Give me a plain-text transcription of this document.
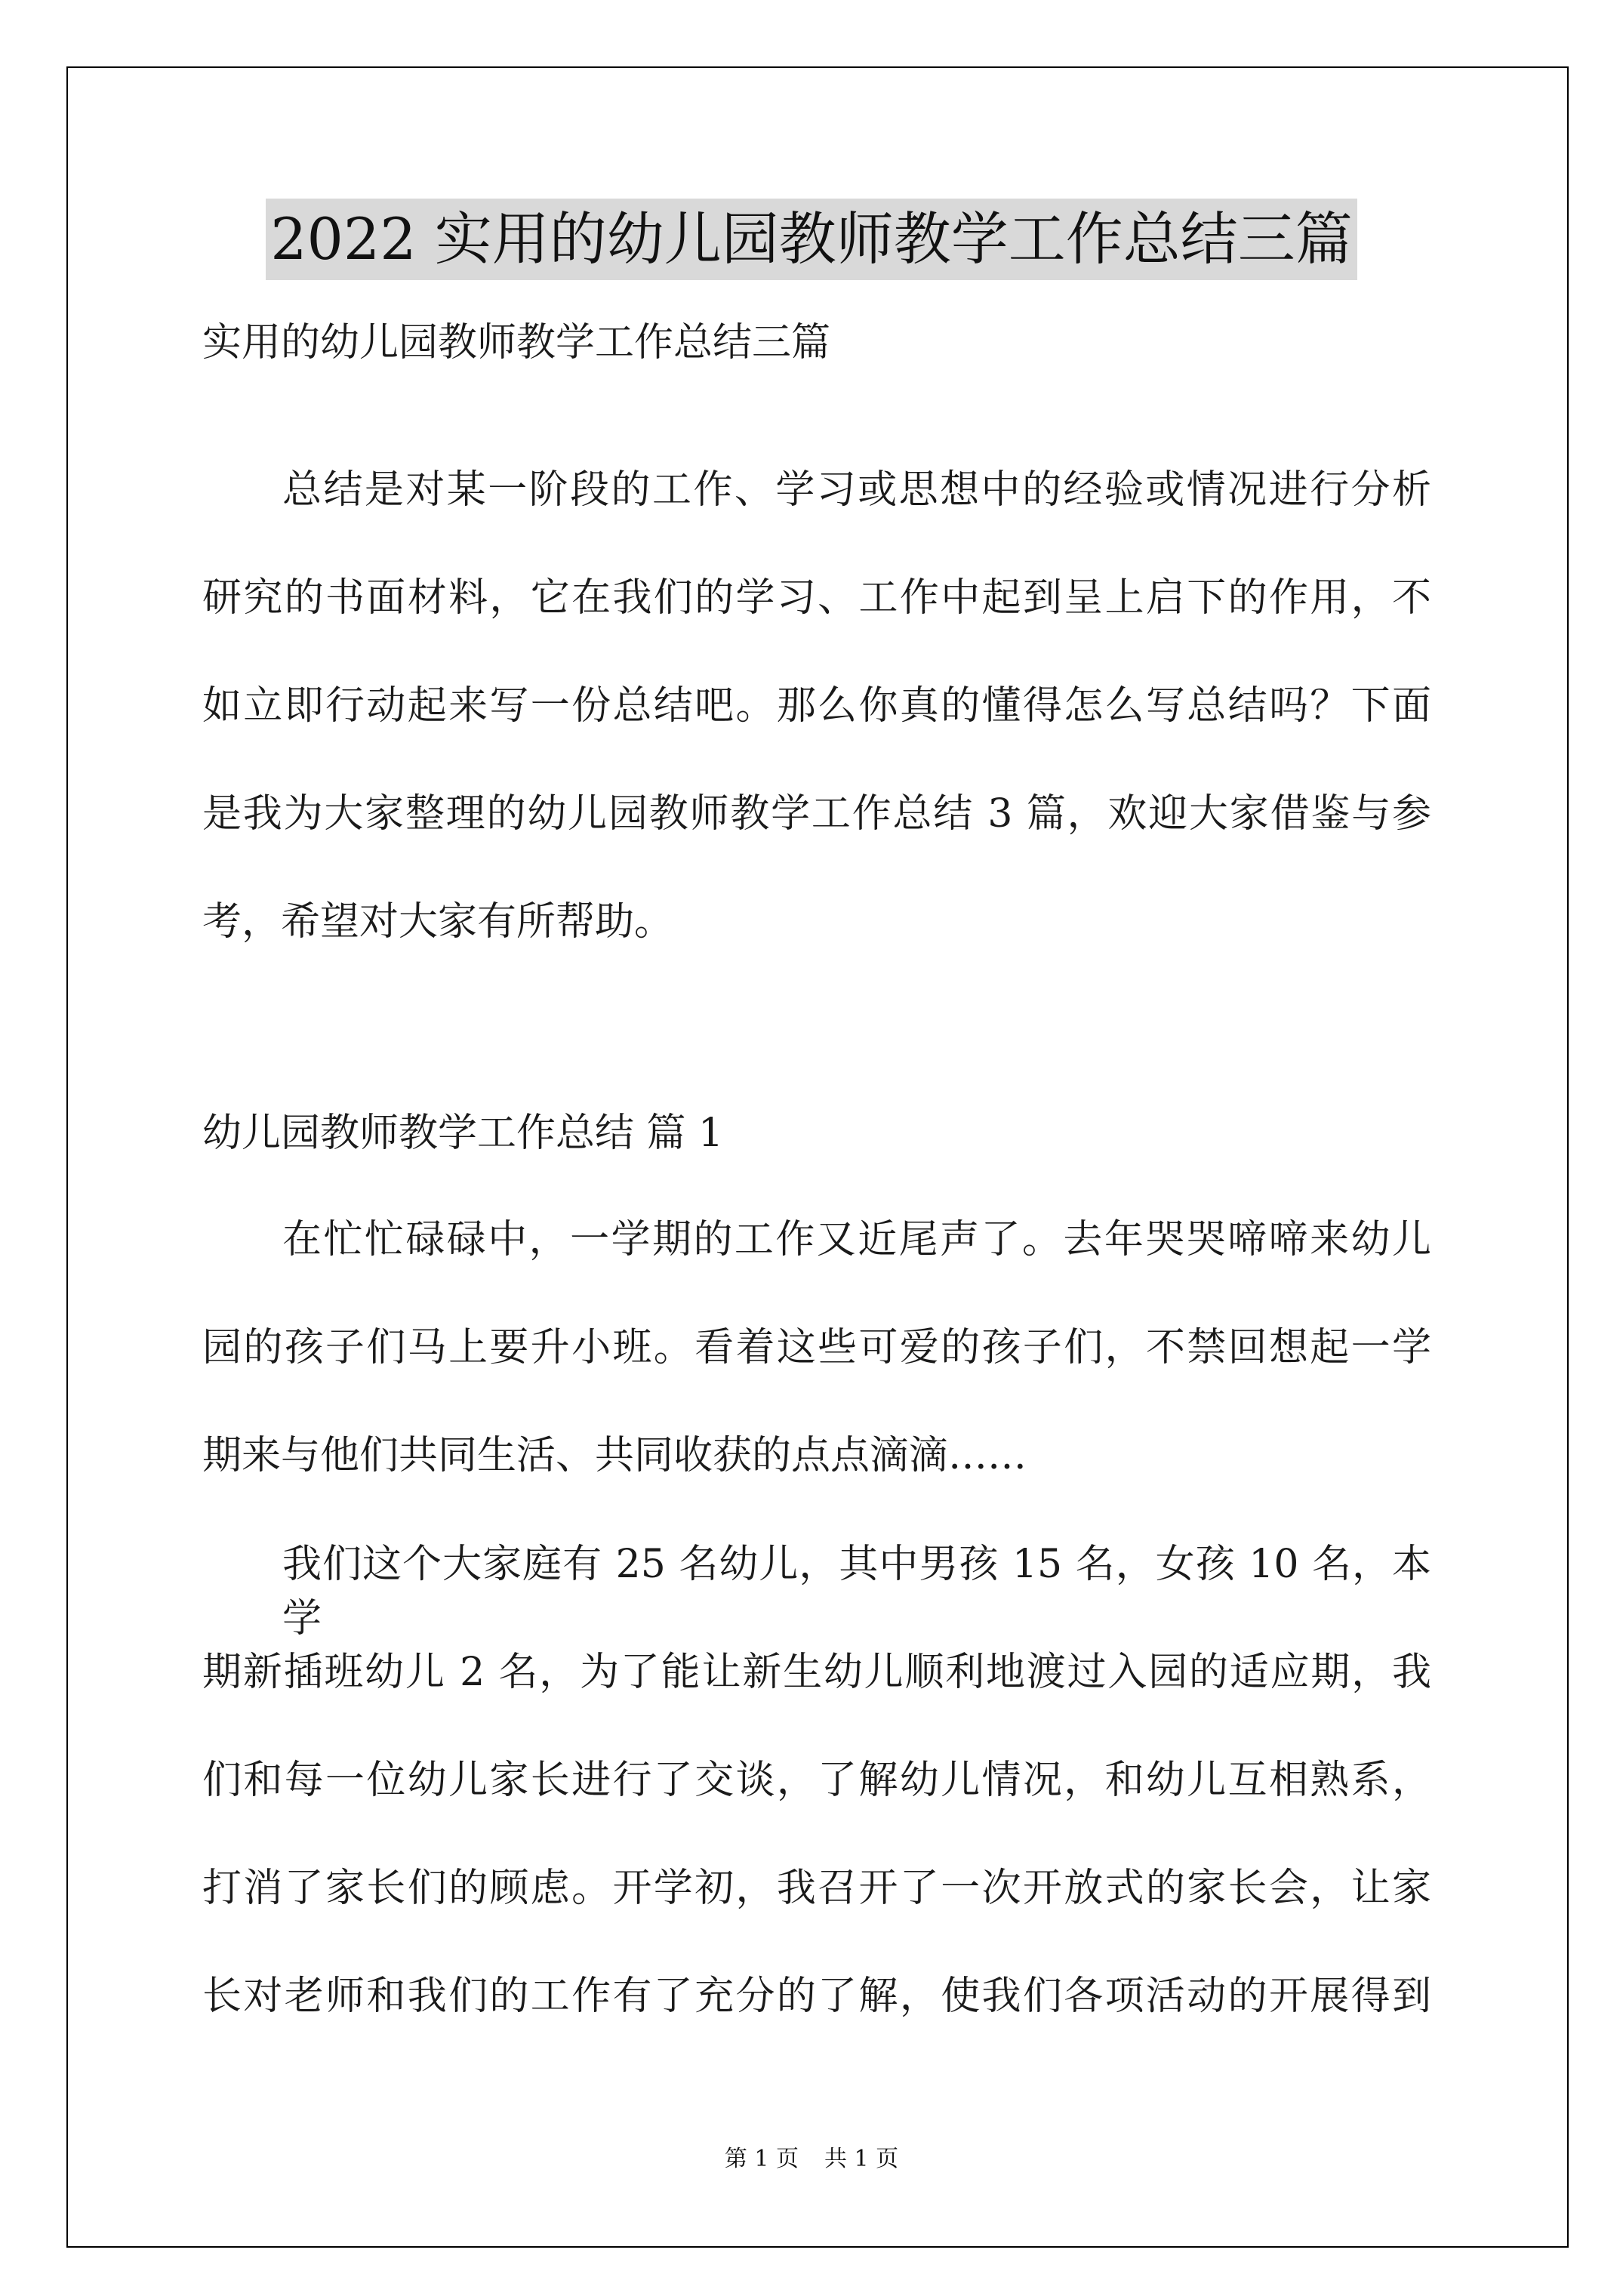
2022 实用的幼儿园教师教学工作总结三篇
实用的幼儿园教师教学工作总结三篇
总结是对某一阶段的工作、学习或思想中的经验或情况进行分析
研究的书面材料，它在我们的学习、工作中起到呈上启下的作用，不
如立即行动起来写一份总结吧。那么你真的懂得怎么写总结吗？下面
是我为大家整理的幼儿园教师教学工作总结 3 篇，欢迎大家借鉴与参
考，希望对大家有所帮助。
幼儿园教师教学工作总结 篇 1
在忙忙碌碌中，一学期的工作又近尾声了。去年哭哭啼啼来幼儿
园的孩子们马上要升小班。看着这些可爱的孩子们，不禁回想起一学
期来与他们共同生活、共同收获的点点滴滴……
我们这个大家庭有 25 名幼儿，其中男孩 15 名，女孩 10 名，本学
期新插班幼儿 2 名，为了能让新生幼儿顺利地渡过入园的适应期，我
们和每一位幼儿家长进行了交谈，了解幼儿情况，和幼儿互相熟系，
打消了家长们的顾虑。开学初，我召开了一次开放式的家长会，让家
长对老师和我们的工作有了充分的了解，使我们各项活动的开展得到
第 1 页 共 1 页
